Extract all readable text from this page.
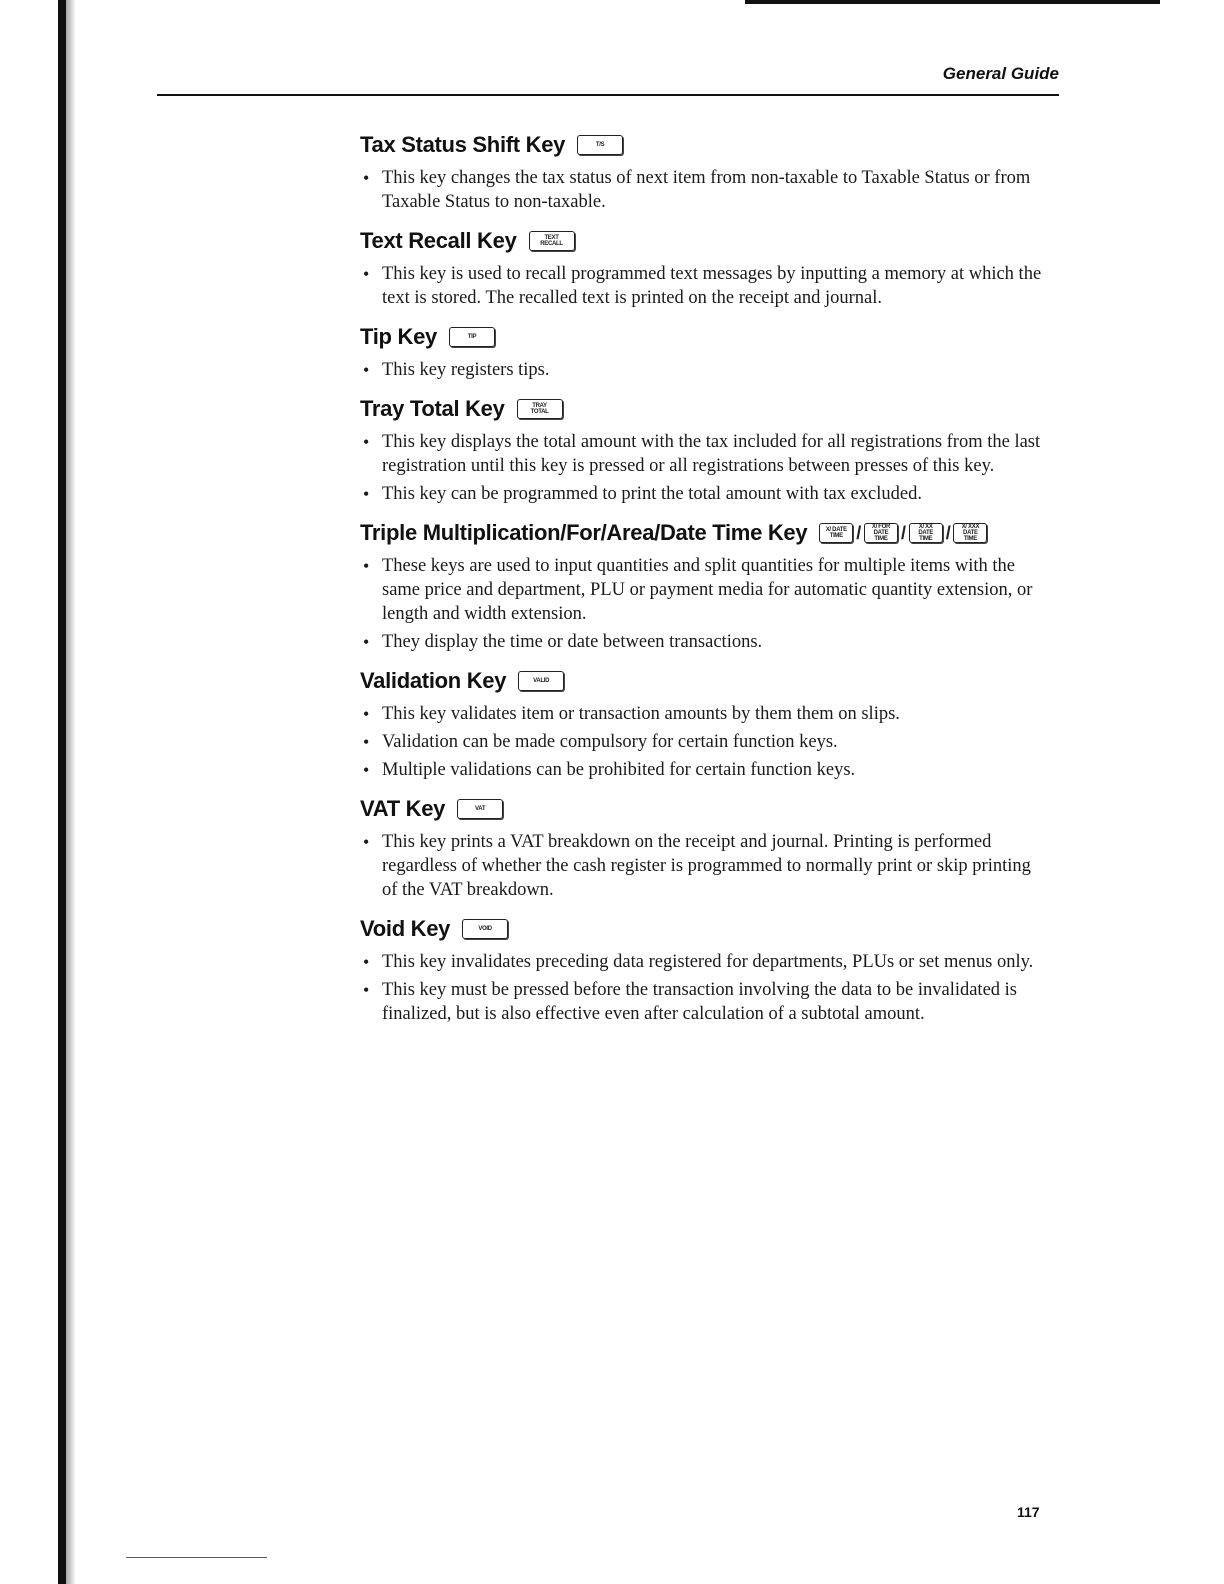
General Guide
Tax Status Shift Key	T/S
• This key changes the tax status of next item from non-taxable to Taxable Status or from Taxable Status to non-taxable.
Text Recall Key	TEXT
RECALL
• This key is used to recall programmed text messages by inputting a memory at which the text is stored. The recalled text is printed on the receipt and journal.
Tip Key	TIP
• This key registers tips.
Tray Total Key	TRAY
TOTAL
• This key displays the total amount with the tax included for all registrations from the last registration until this key is pressed or all registrations between presses of this key.
• This key can be programmed to print the total amount with tax excluded.
Triple Multiplication/For/Area/Date Time Key	X/ DATE
TIME /	X/ FOR
DATE
TIME /	X/ XX
DATE
TIME /	X/ XXX
DATE
TIME
• These keys are used to input quantities and split quantities for multiple items with the same price and department, PLU or payment media for automatic quantity extension, or length and width extension.
• They display the time or date between transactions.
Validation Key	VALID
• This key validates item or transaction amounts by them them on slips.
• Validation can be made compulsory for certain function keys.
• Multiple validations can be prohibited for certain function keys.
VAT Key	VAT
• This key prints a VAT breakdown on the receipt and journal. Printing is performed regardless of whether the cash register is programmed to normally print or skip printing of the VAT breakdown.
Void Key	VOID
• This key invalidates preceding data registered for departments, PLUs or set menus only.
• This key must be pressed before the transaction involving the data to be invalidated is finalized, but is also effective even after calculation of a subtotal amount.
117
